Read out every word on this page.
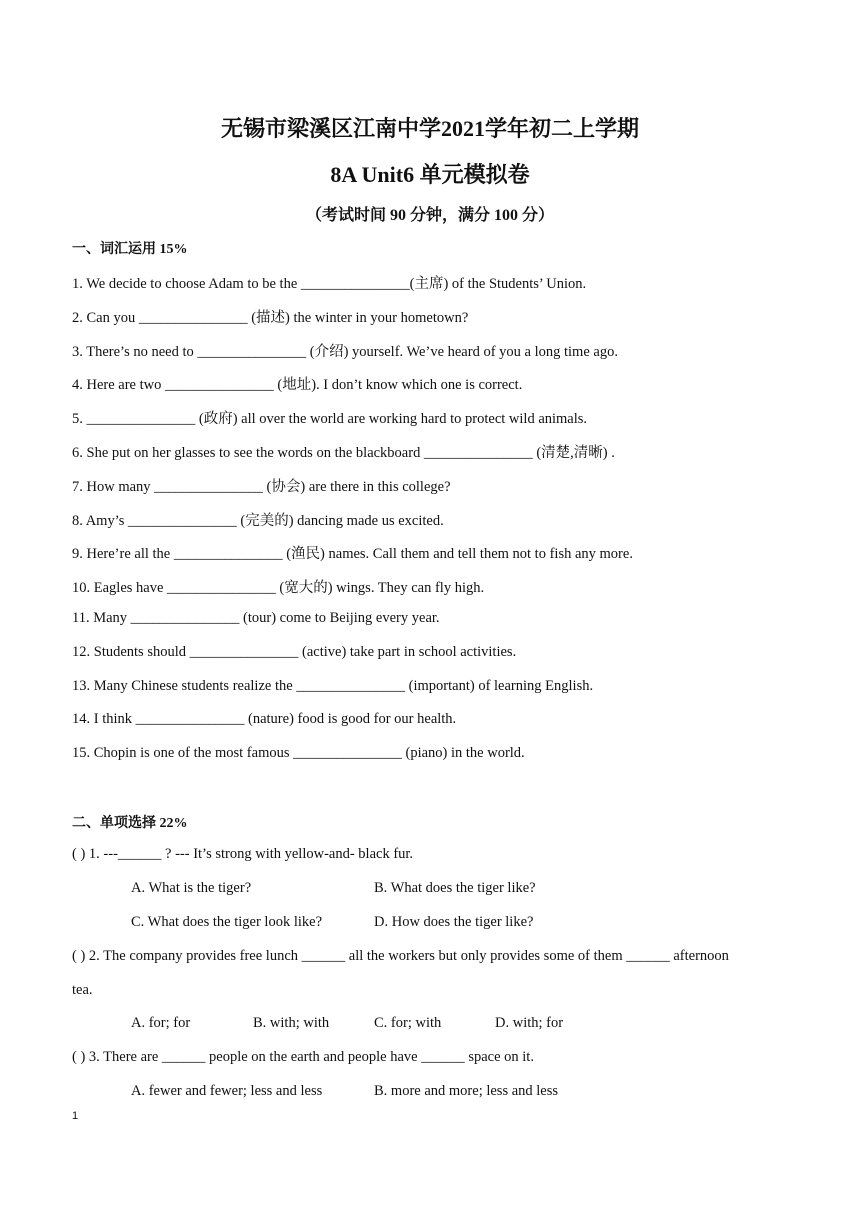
无锡市梁溪区江南中学2021学年初二上学期
8A Unit6 单元模拟卷
（考试时间 90 分钟，满分 100 分）
一、词汇运用 15%
1. We decide to choose Adam to be the _______________(主席) of the Students’ Union.
2. Can you _______________ (描述) the winter in your hometown?
3. There’s no need to _______________ (介绍) yourself. We’ve heard of you a long time ago.
4. Here are two _______________ (地址). I don’t know which one is correct.
5. _______________ (政府) all over the world are working hard to protect wild animals.
6. She put on her glasses to see the words on the blackboard _______________ (清楚,清晰) .
7. How many _______________ (协会) are there in this college?
8. Amy’s _______________ (完美的) dancing made us excited.
9. Here’re all the _______________ (渔民) names. Call them and tell them not to fish any more.
10. Eagles have _______________ (宽大的) wings. They can fly high.
11. Many _______________ (tour) come to Beijing every year.
12. Students should _______________ (active) take part in school activities.
13. Many Chinese students realize the _______________ (important) of learning English.
14. I think _______________ (nature) food is good for our health.
15. Chopin is one of the most famous _______________ (piano) in the world.
二、单项选择 22%
( ) 1. ---______ ? --- It’s strong with yellow-and- black fur.
A. What is the tiger?	B. What does the tiger like?
C. What does the tiger look like?	D. How does the tiger like?
( ) 2. The company provides free lunch ______ all the workers but only provides some of them ______ afternoon
tea.
A. for; for	B. with; with	C. for; with	D. with; for
( ) 3. There are ______ people on the earth and people have ______ space on it.
A. fewer and fewer; less and less	B. more and more; less and less
1
